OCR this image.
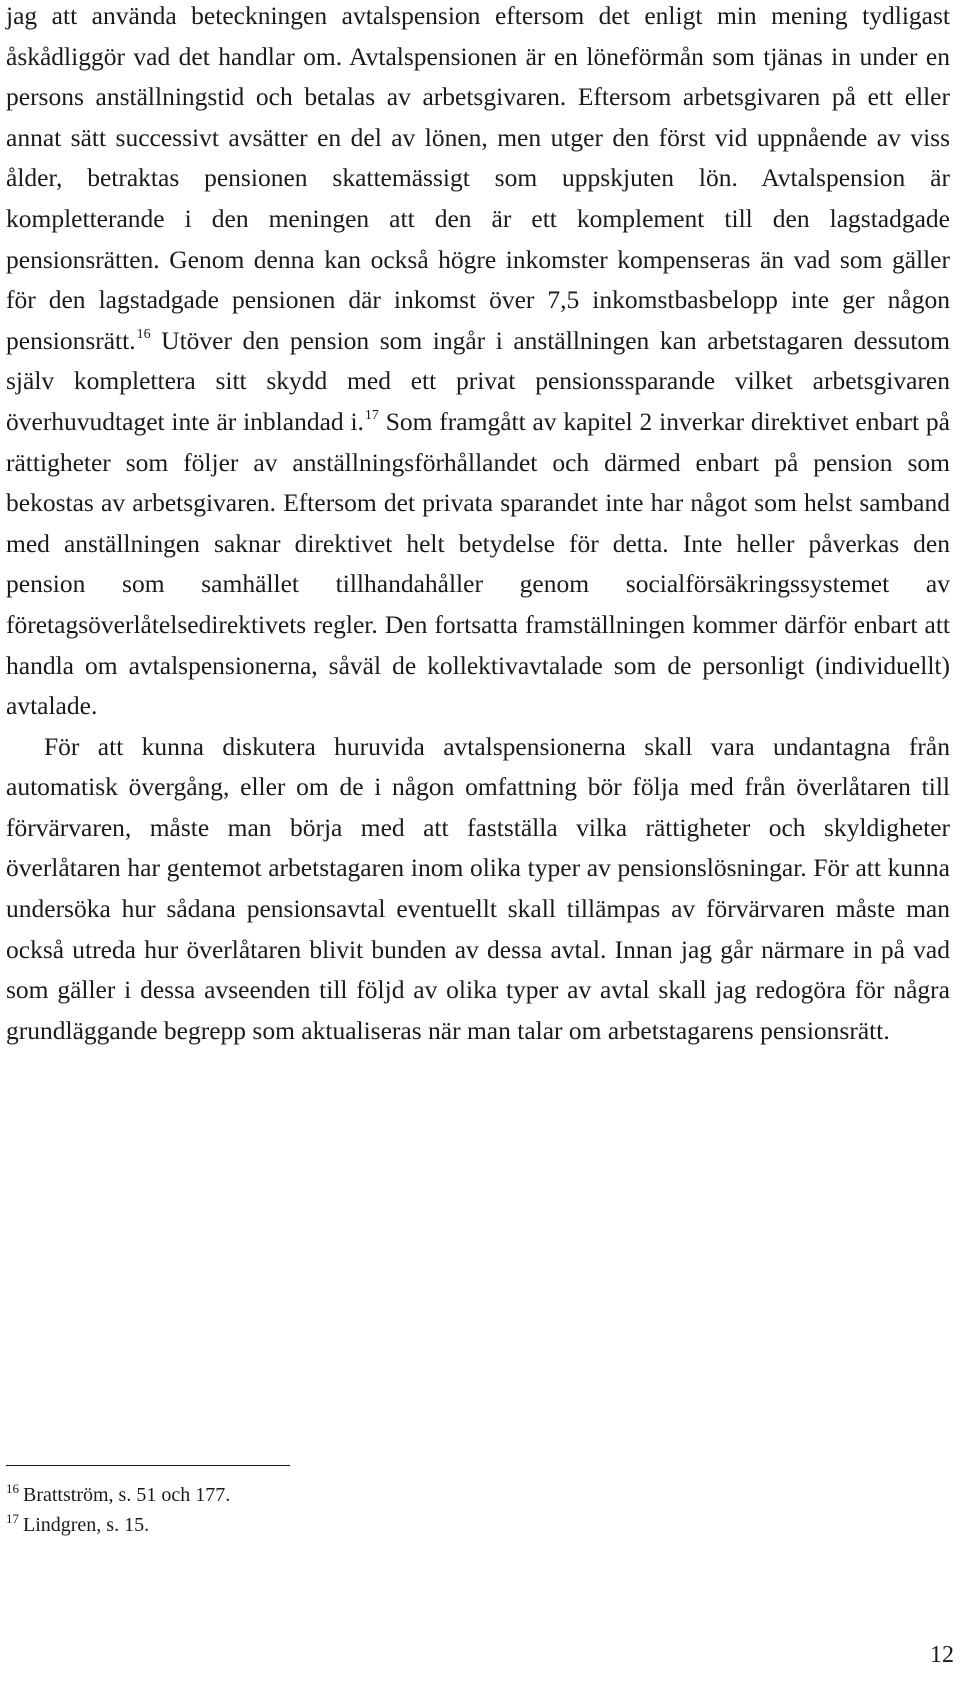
jag att använda beteckningen avtalspension eftersom det enligt min mening tydligast åskådliggör vad det handlar om. Avtalspensionen är en löneförmån som tjänas in under en persons anställningstid och betalas av arbetsgivaren. Eftersom arbetsgivaren på ett eller annat sätt successivt avsätter en del av lönen, men utger den först vid uppnående av viss ålder, betraktas pensionen skattemässigt som uppskjuten lön. Avtalspension är kompletterande i den meningen att den är ett komplement till den lagstadgade pensionsrätten. Genom denna kan också högre inkomster kompenseras än vad som gäller för den lagstadgade pensionen där inkomst över 7,5 inkomstbasbelopp inte ger någon pensionsrätt.$^{16}$ Utöver den pension som ingår i anställningen kan arbetstagaren dessutom själv komplettera sitt skydd med ett privat pensionssparande vilket arbetsgivaren överhuvudtaget inte är inblandad i.$^{17}$ Som framgått av kapitel 2 inverkar direktivet enbart på rättigheter som följer av anställningsförhållandet och därmed enbart på pension som bekostas av arbetsgivaren. Eftersom det privata sparandet inte har något som helst samband med anställningen saknar direktivet helt betydelse för detta. Inte heller påverkas den pension som samhället tillhandahåller genom socialförsäkringssystemet av företagsöverlåtelsedirektivets regler. Den fortsatta framställningen kommer därför enbart att handla om avtalspensionerna, såväl de kollektivavtalade som de personligt (individuellt) avtalade.

För att kunna diskutera huruvida avtalspensionerna skall vara undantagna från automatisk övergång, eller om de i någon omfattning bör följa med från överlåtaren till förvärvaren, måste man börja med att fastställa vilka rättigheter och skyldigheter överlåtaren har gentemot arbetstagaren inom olika typer av pensionslösningar. För att kunna undersöka hur sådana pensionsavtal eventuellt skall tillämpas av förvärvaren måste man också utreda hur överlåtaren blivit bunden av dessa avtal. Innan jag går närmare in på vad som gäller i dessa avseenden till följd av olika typer av avtal skall jag redogöra för några grundläggande begrepp som aktualiseras när man talar om arbetstagarens pensionsrätt.

$^{16}$ Brattström, s. 51 och 177.

$^{17}$ Lindgren, s. 15.

12
